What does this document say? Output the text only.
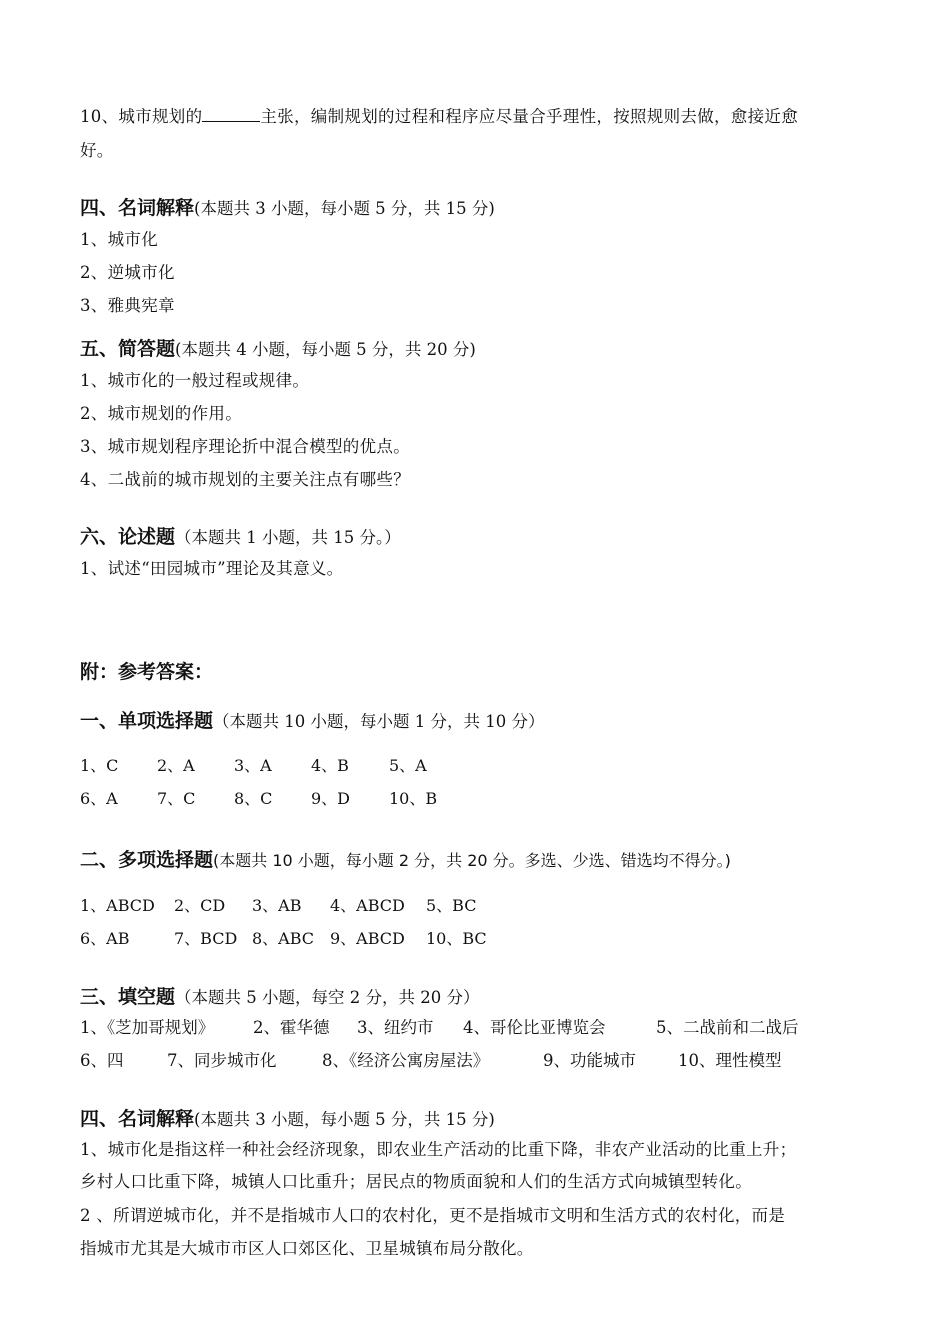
10、城市规划的	主张，编制规划的过程和程序应尽量合乎理性，按照规则去做，愈接近愈
好。
四、名词解释(本题共 3 小题，每小题 5 分，共 15 分)
1、城市化
2、逆城市化
3、雅典宪章
五、简答题(本题共 4 小题，每小题 5 分，共 20 分)
1、城市化的一般过程或规律。
2、城市规划的作用。
3、城市规划程序理论折中混合模型的优点。
4、二战前的城市规划的主要关注点有哪些？
六、论述题（本题共 1 小题，共 15 分。）
1、试述“田园城市”理论及其意义。
附：参考答案：
一、单项选择题（本题共 10 小题，每小题 1 分，共 10 分）
1、C 2、A 3、A 4、B	5、A
6、A 7、C 8、C 9、D 10、B
二、多项选择题(本题共 10 小题，每小题 2 分，共 20 分。多选、少选、错选均不得分。)
1、ABCD 2、CD 3、AB 4、ABCD 5、BC
6、AB	7、BCD 8、ABC 9、ABCD 10、BC
三、填空题（本题共 5 小题，每空 2 分，共 20 分）
1、《芝加哥规划》 2、霍华德 3、纽约市 4、哥伦比亚博览会	5、二战前和二战后
6、四	7、同步城市化	8、《经济公寓房屋法》	9、功能城市	10、理性模型
四、名词解释(本题共 3 小题，每小题 5 分，共 15 分)
1、城市化是指这样一种社会经济现象，即农业生产活动的比重下降，非农产业活动的比重上升；
乡村人口比重下降，城镇人口比重升；居民点的物质面貌和人们的生活方式向城镇型转化。
2 、所谓逆城市化，并不是指城市人口的农村化，更不是指城市文明和生活方式的农村化，而是
指城市尤其是大城市市区人口郊区化、卫星城镇布局分散化。
